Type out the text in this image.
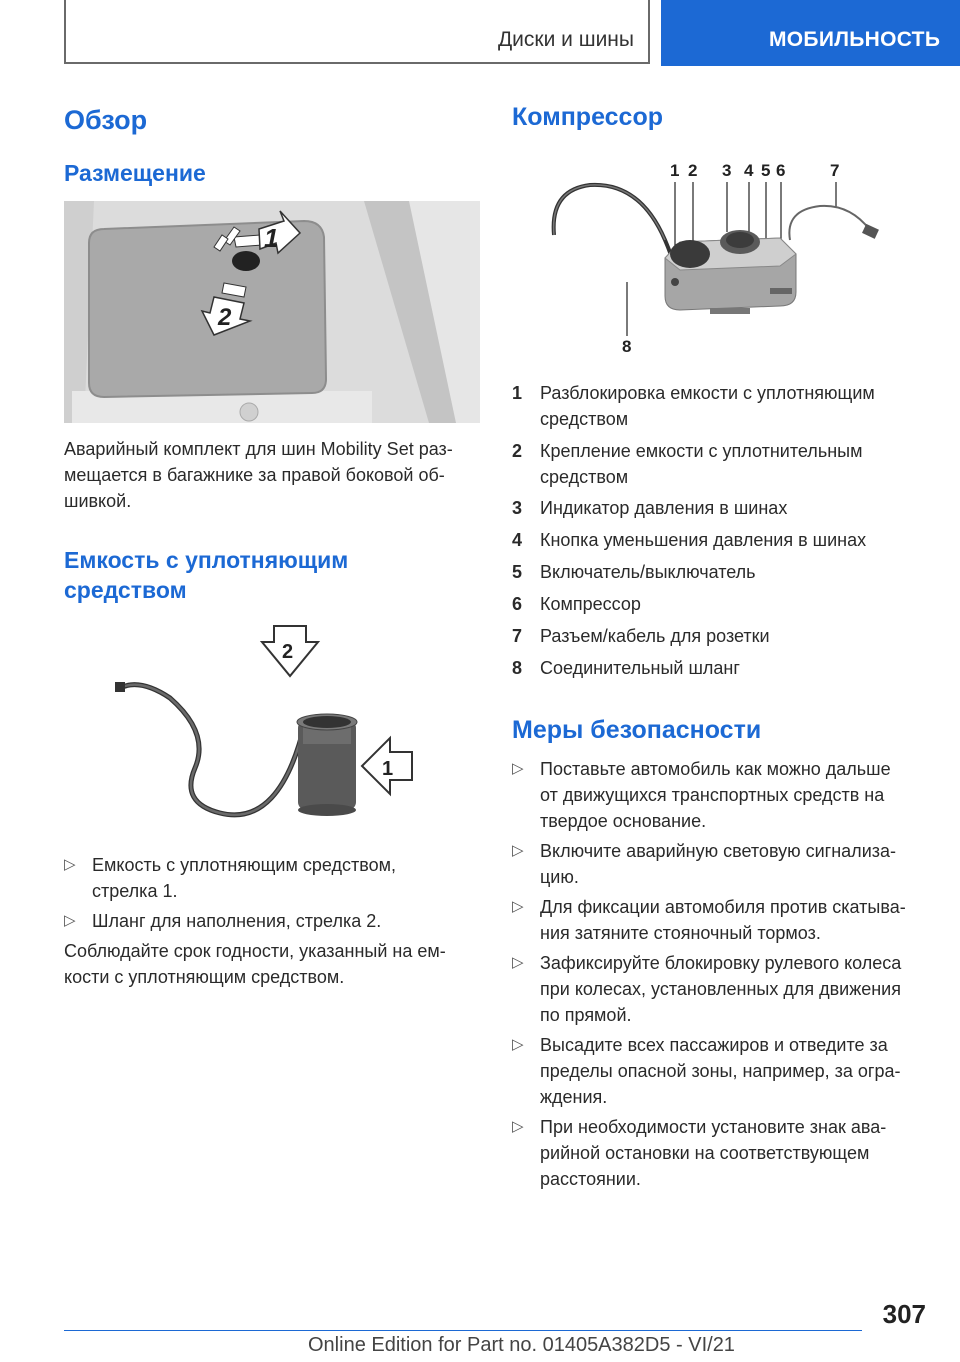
Диски и шины	МОБИЛЬНОСТЬ
Обзор
Размещение
1
2
Аварийный комплект для шин Mobility Set раз-
мещается в багажнике за правой боковой об-
шивкой.
Емкость с уплотняющим
средством
2
1
▷ Емкость с уплотняющим средством,
стрелка 1.
▷ Шланг для наполнения, стрелка 2.
Соблюдайте срок годности, указанный на ем-
кости с уплотняющим средством.
Компрессор
1 2 3 4 5 6	7
8
1 Разблокировка емкости с уплотняющим
средством
2 Крепление емкости с уплотнительным
средством
3 Индикатор давления в шинах
4 Кнопка уменьшения давления в шинах
5 Включатель/выключатель
6 Компрессор
7 Разъем/кабель для розетки
8 Соединительный шланг
Меры безопасности
▷ Поставьте автомобиль как можно дальше
от движущихся транспортных средств на
твердое основание.
▷ Включите аварийную световую сигнализа-
цию.
▷ Для фиксации автомобиля против скатыва-
ния затяните стояночный тормоз.
▷ Зафиксируйте блокировку рулевого колеса
при колесах, установленных для движения
по прямой.
▷ Высадите всех пассажиров и отведите за
пределы опасной зоны, например, за огра-
ждения.
▷ При необходимости установите знак ава-
рийной остановки на соответствующем
расстоянии.
307
Online Edition for Part no. 01405A382D5 - VI/21
